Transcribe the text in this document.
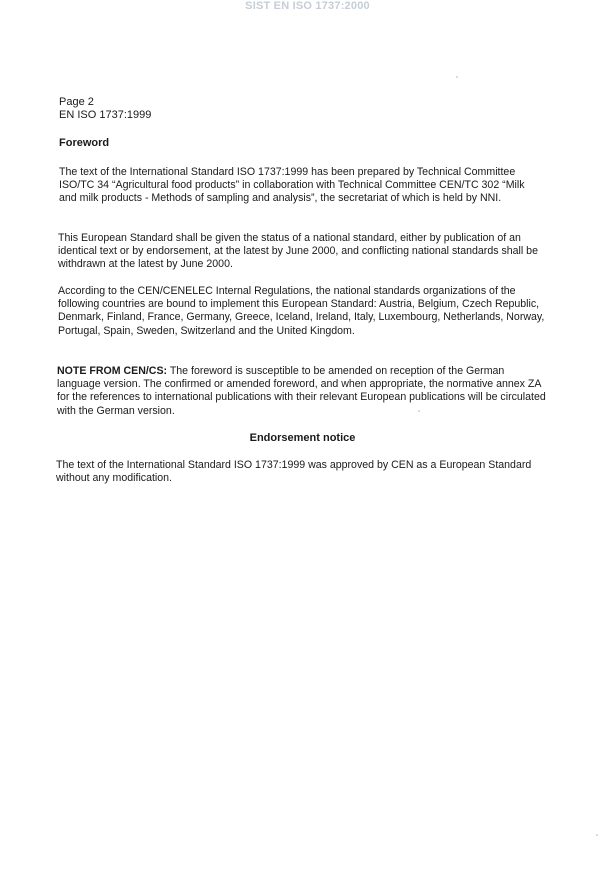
SIST EN ISO 1737:2000
Page 2
EN ISO 1737:1999
Foreword
The text of the International Standard ISO 1737:1999 has been prepared by Technical Committee ISO/TC 34 “Agricultural food products” in collaboration with Technical Committee CEN/TC 302 “Milk and milk products - Methods of sampling and analysis”, the secretariat of which is held by NNI.
This European Standard shall be given the status of a national standard, either by publication of an identical text or by endorsement, at the latest by June 2000, and conflicting national standards shall be withdrawn at the latest by June 2000.
According to the CEN/CENELEC Internal Regulations, the national standards organizations of the following countries are bound to implement this European Standard: Austria, Belgium, Czech Republic, Denmark, Finland, France, Germany, Greece, Iceland, Ireland, Italy, Luxembourg, Netherlands, Norway, Portugal, Spain, Sweden, Switzerland and the United Kingdom.
NOTE FROM CEN/CS: The foreword is susceptible to be amended on reception of the German language version. The confirmed or amended foreword, and when appropriate, the normative annex ZA for the references to international publications with their relevant European publications will be circulated with the German version.
Endorsement notice
The text of the International Standard ISO 1737:1999 was approved by CEN as a European Standard without any modification.
